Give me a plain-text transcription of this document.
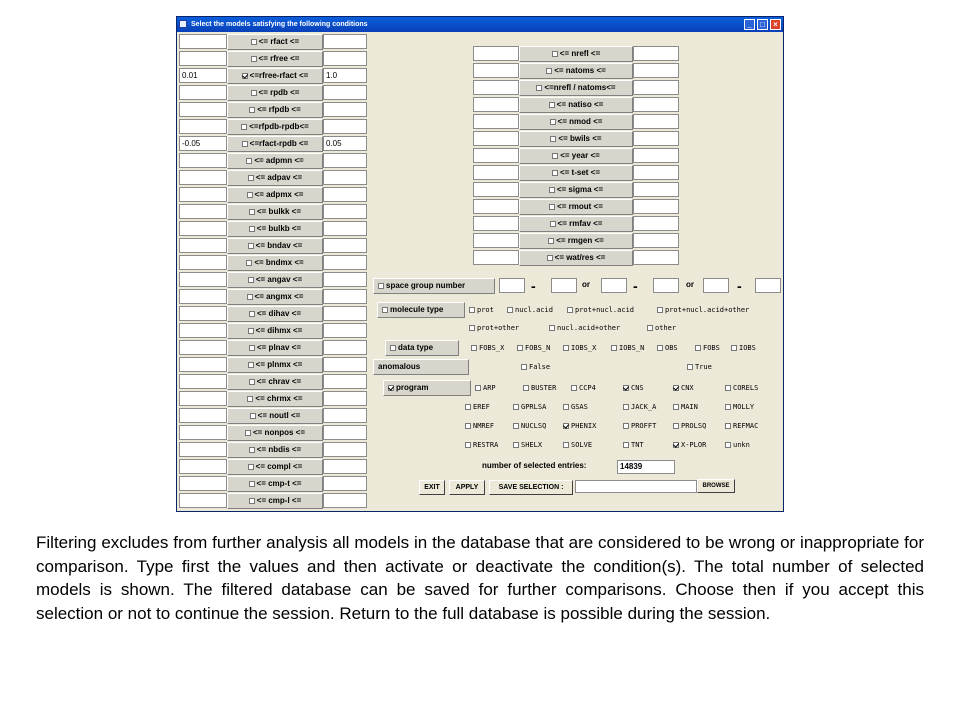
Select the models satisfying the following conditions	_	□	×
<= rfact <=
<= rfree <=
0.01	<=rfree-rfact <=	1.0
<= rpdb <=
<= rfpdb <=
<=rfpdb-rpdb<=
-0.05	<=rfact-rpdb <=	0.05
<= adpmn <=
<= adpav <=
<= adpmx <=
<= bulkk <=
<= bulkb <=
<= bndav <=
<= bndmx <=
<= angav <=
<= angmx <=
<= dihav <=
<= dihmx <=
<= plnav <=
<= plnmx <=
<= chrav <=
<= chrmx <=
<= noutl <=
<= nonpos <=
<= nbdis <=
<= compl <=
<= cmp-t <=
<= cmp-l <=
<= nrefl <=
<= natoms <=
<=nrefl / natoms<=
<= natiso <=
<= nmod <=
<= bwils <=
<= year <=
<= t-set <=
<= sigma <=
<= rmout <=
<= rmfav <=
<= rmgen <=
<= wat/res <=
space group number	-	-	-
or	or
molecule type	prot	nucl.acid	prot+nucl.acid	prot+nucl.acid+other
prot+other	nucl.acid+other	other
data type	FOBS_X	FOBS_N	IOBS_X	IOBS_N	OBS	FOBS	IOBS
anomalous	False	True
program	ARP	BUSTER	CCP4	CNS	CNX	CORELS
EREF	GPRLSA	GSAS	JACK_A	MAIN	MOLLY
NMREF	NUCLSQ	PHENIX	PROFFT	PROLSQ	REFMAC
RESTRA	SHELX	SOLVE	TNT	X-PLOR	unkn
number of selected entries:	14839
EXIT	APPLY	SAVE SELECTION :	BROWSE
Filtering excludes from further analysis all models in the database that are considered to be wrong or inappropriate for comparison. Type first the values and then activate or deactivate the condition(s). The total number of selected models is shown. The filtered database can be saved for further comparisons. Choose then if you accept this selection or not to continue the session. Return to the full database is possible during the session.
